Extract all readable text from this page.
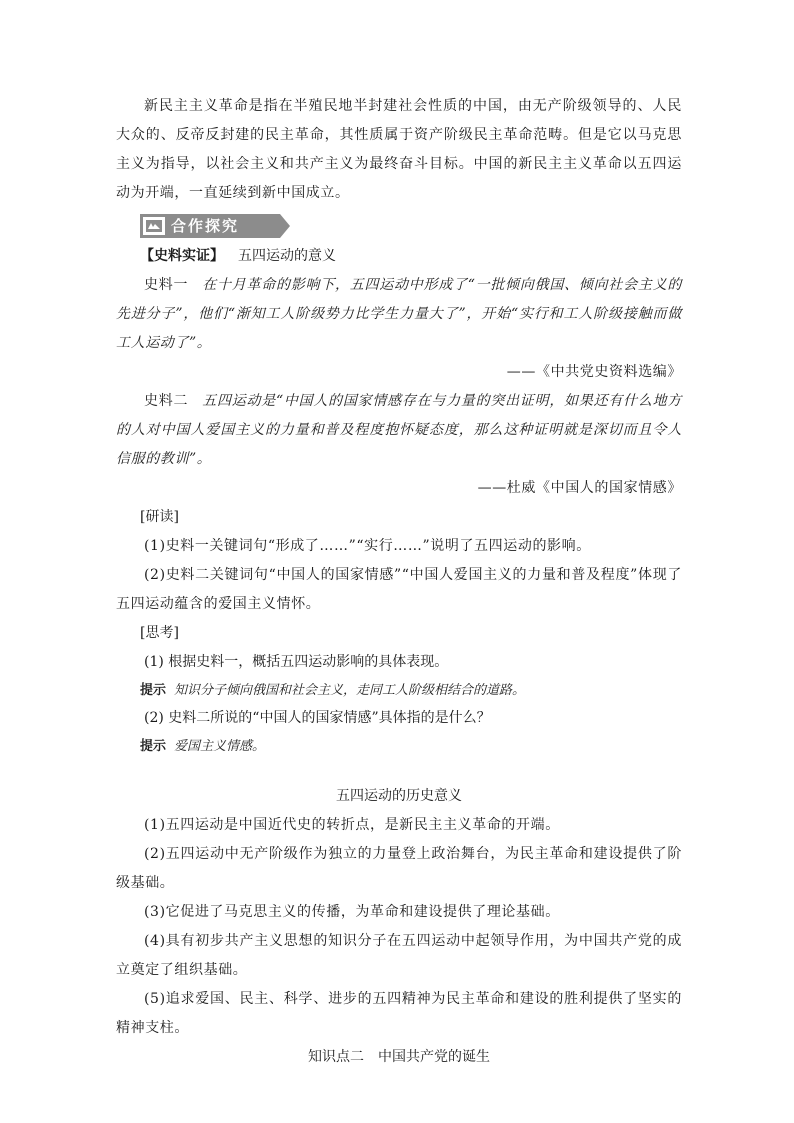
新民主主义革命是指在半殖民地半封建社会性质的中国，由无产阶级领导的、人民大众的、反帝反封建的民主革命，其性质属于资产阶级民主革命范畴。但是它以马克思主义为指导，以社会主义和共产主义为最终奋斗目标。中国的新民主主义革命以五四运动为开端，一直延续到新中国成立。

合作探究

【史料实证】 五四运动的意义

史料一 在十月革命的影响下，五四运动中形成了“一批倾向俄国、倾向社会主义的先进分子”，他们“渐知工人阶级势力比学生力量大了”，开始“实行和工人阶级接触而做工人运动了”。

——《中共党史资料选编》

史料二 五四运动是“中国人的国家情感存在与力量的突出证明，如果还有什么地方的人对中国人爱国主义的力量和普及程度抱怀疑态度，那么这种证明就是深切而且令人信服的教训”。

——杜威《中国人的国家情感》

[研读]

(1)史料一关键词句“形成了……”“实行……”说明了五四运动的影响。

(2)史料二关键词句“中国人的国家情感”“中国人爱国主义的力量和普及程度”体现了五四运动蕴含的爱国主义情怀。

[思考]

(1) 根据史料一，概括五四运动影响的具体表现。

提示 知识分子倾向俄国和社会主义，走同工人阶级相结合的道路。

(2) 史料二所说的“中国人的国家情感”具体指的是什么？

提示 爱国主义情感。

五四运动的历史意义

(1)五四运动是中国近代史的转折点，是新民主主义革命的开端。

(2)五四运动中无产阶级作为独立的力量登上政治舞台，为民主革命和建设提供了阶级基础。

(3)它促进了马克思主义的传播，为革命和建设提供了理论基础。

(4)具有初步共产主义思想的知识分子在五四运动中起领导作用，为中国共产党的成立奠定了组织基础。

(5)追求爱国、民主、科学、进步的五四精神为民主革命和建设的胜利提供了坚实的精神支柱。

知识点二　中国共产党的诞生
